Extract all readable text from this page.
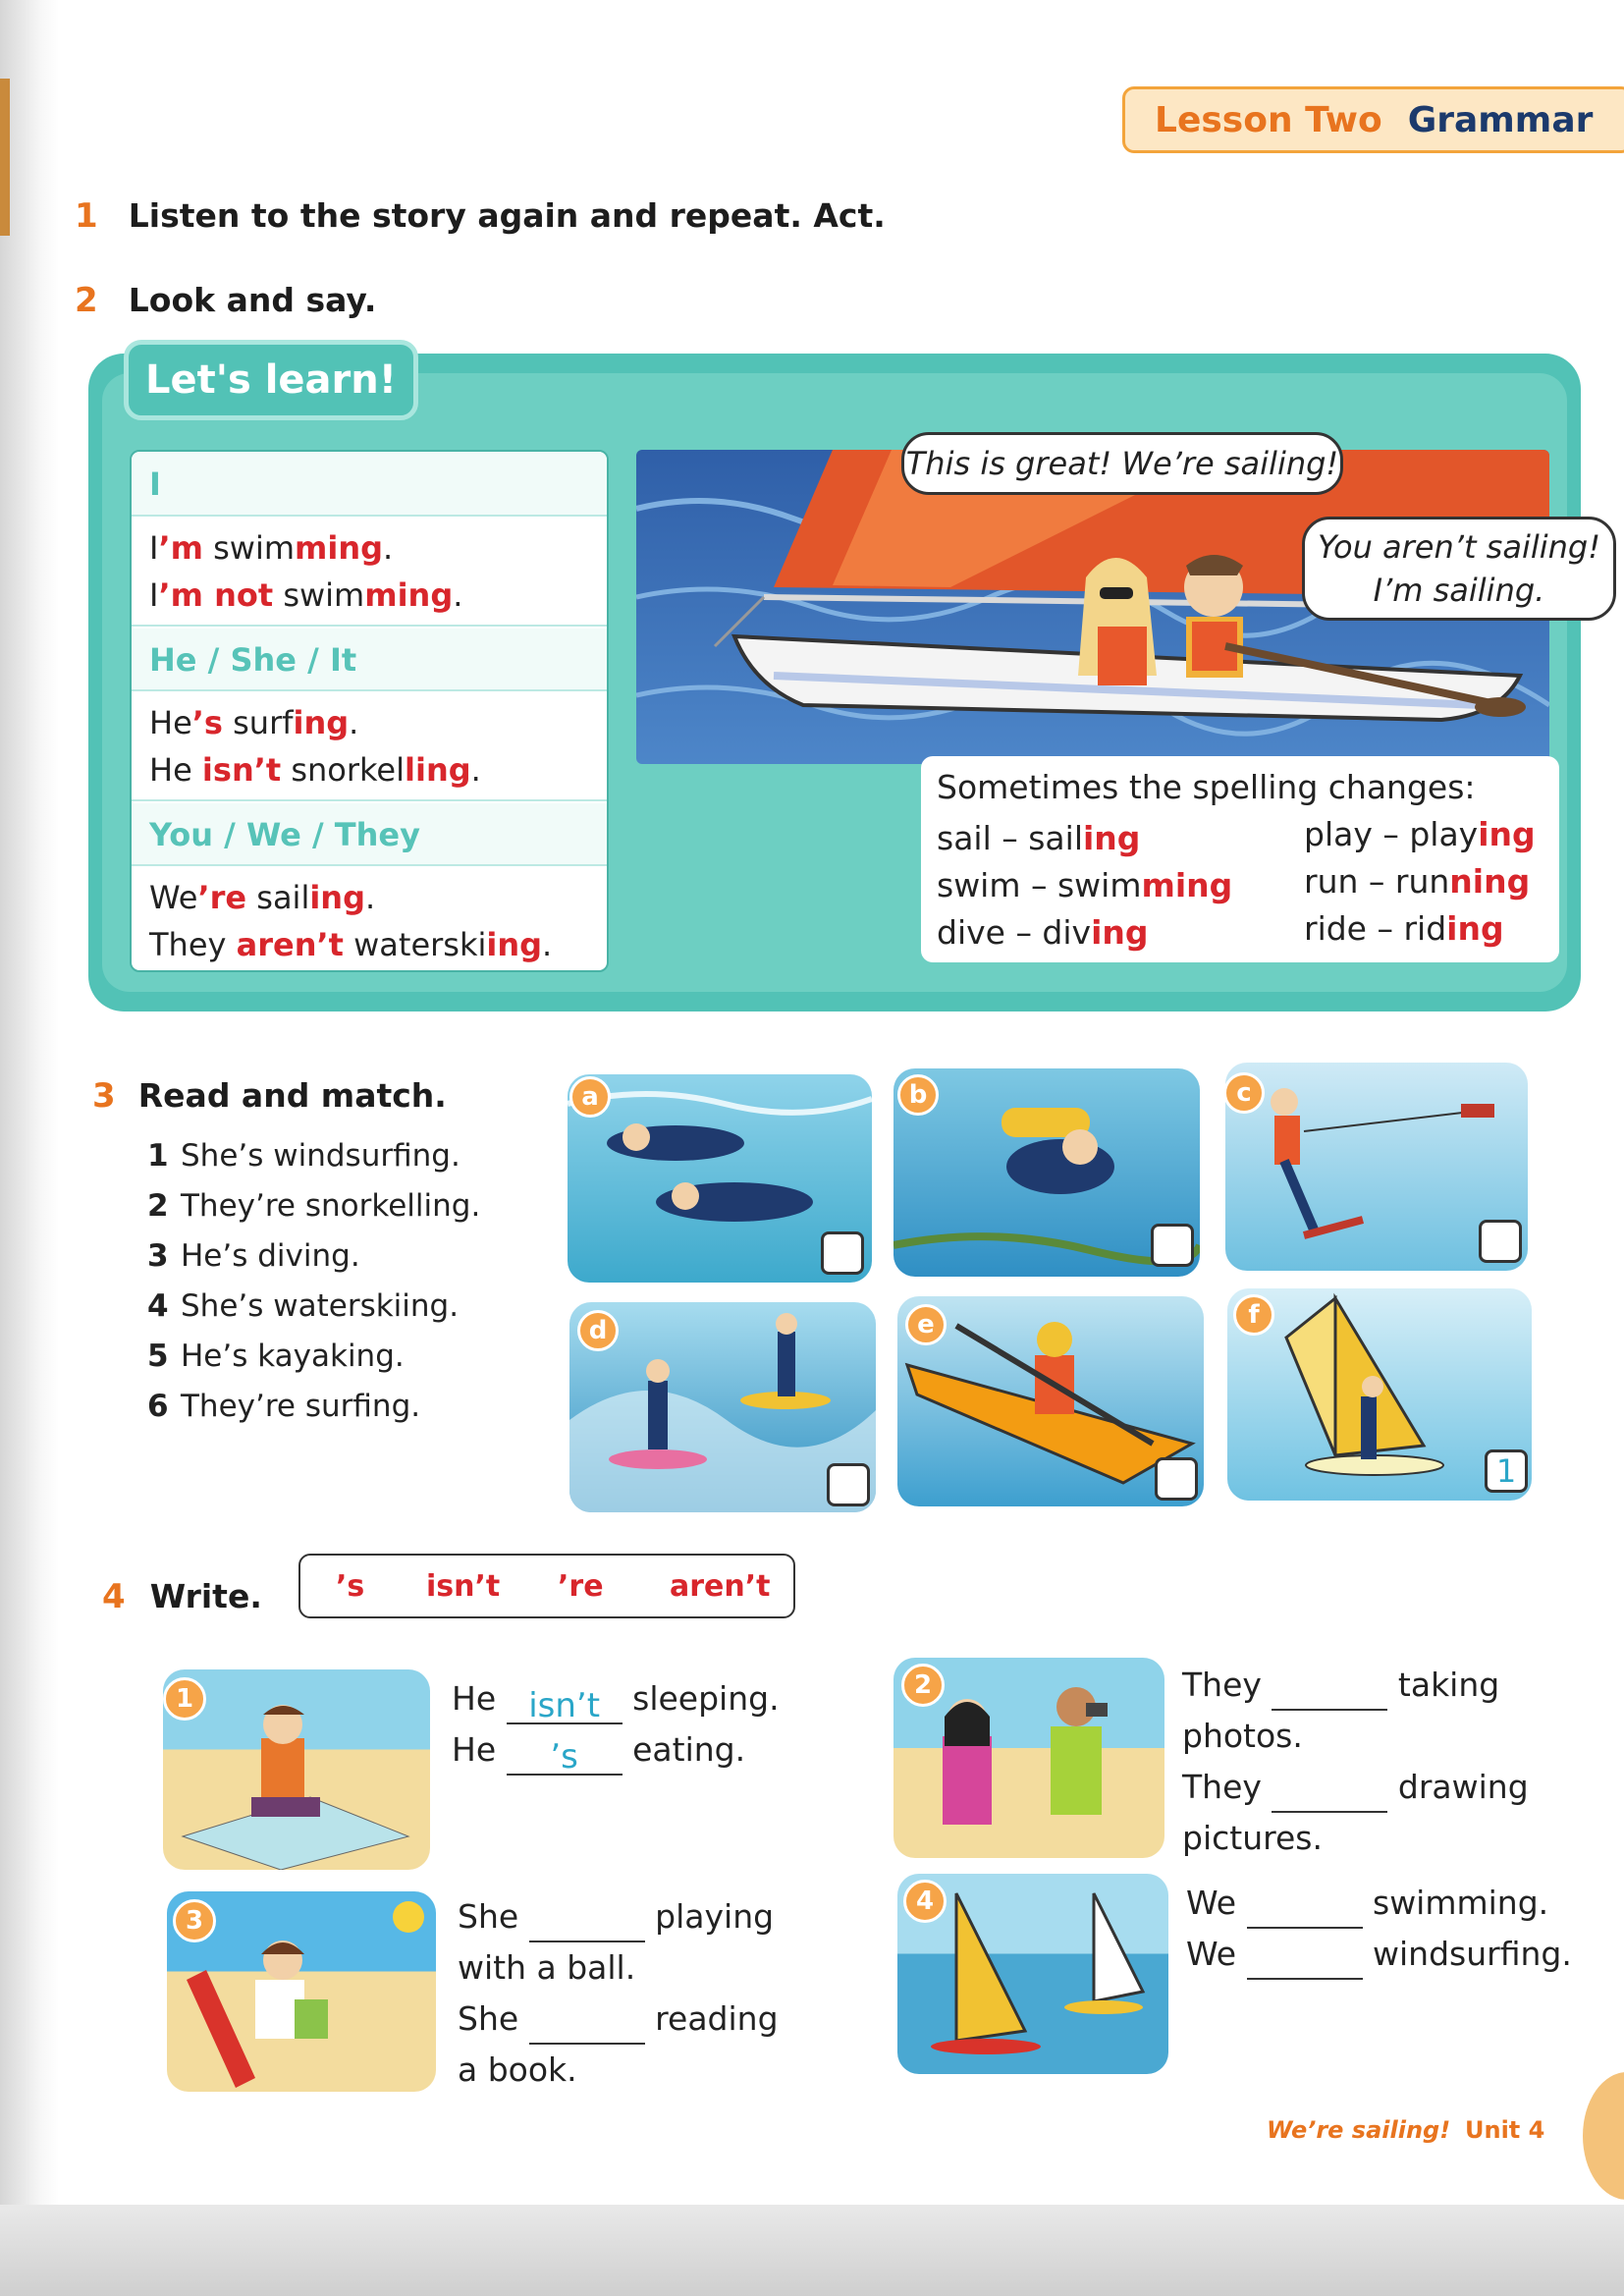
Lesson Two Grammar
1 Listen to the story again and repeat. Act.
2 Look and say.
Let's learn!
I
I’m swimming.
I’m not swimming.
He / She / It
He’s surfing.
He isn’t snorkelling.
You / We / They
We’re sailing.
They aren’t waterskiing.
This is great! We’re sailing!
You aren’t sailing!
I’m sailing.
Sometimes the spelling changes:
sail – sailing
swim – swimming
dive – diving
play – playing
run – running
ride – riding
3 Read and match.
1 She’s windsurfing.
2 They’re snorkelling.
3 He’s diving.
4 She’s waterskiing.
5 He’s kayaking.
6 They’re surfing.
a	b	c
d	e	f
1
4 Write.	’s isn’t ’re aren’t
1	He isn’t sleeping.
He ’s eating.
2	They	taking photos.
They	drawing
pictures.
3	She	playing
with a ball.
She	reading
a book.
4	We	swimming.
We	windsurfing.
We’re sailing! Unit 4
